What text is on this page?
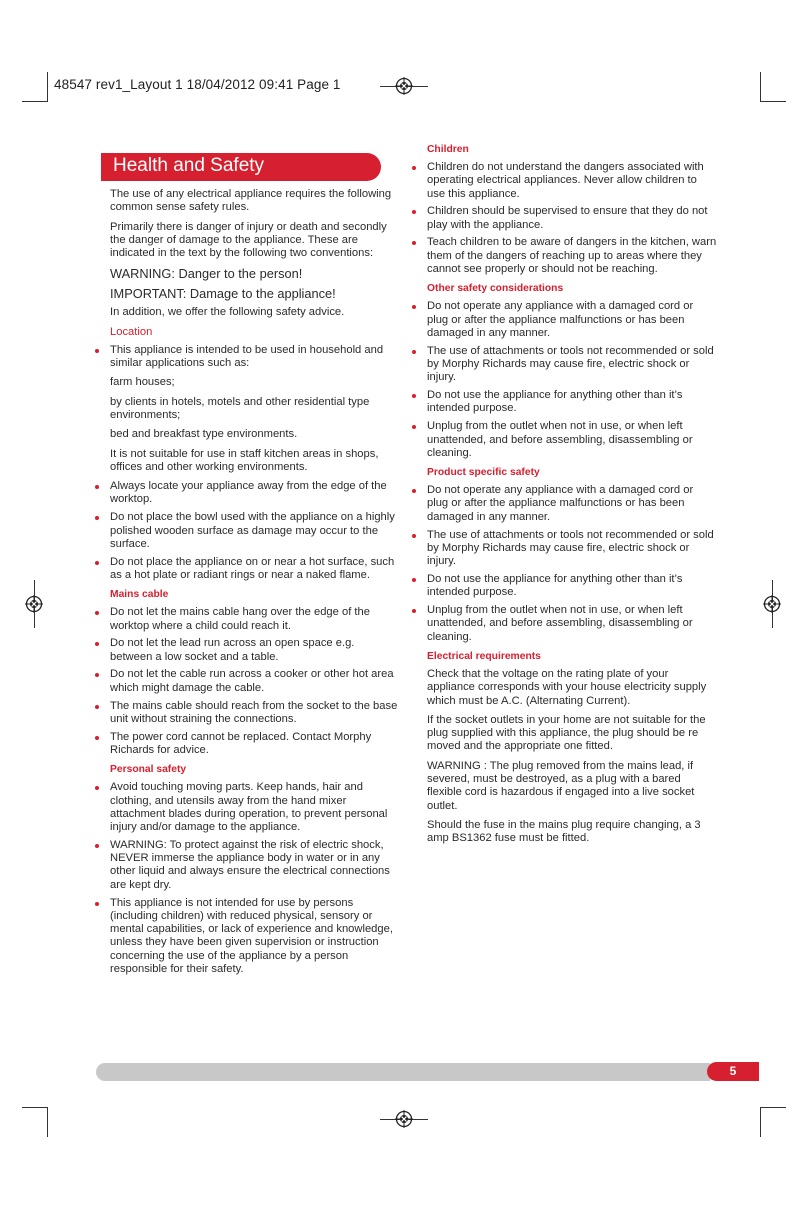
48547 rev1_Layout 1 18/04/2012 09:41 Page 1
Health and Safety

The use of any electrical appliance requires the following common sense safety rules.

Primarily there is danger of injury or death and secondly the danger of damage to the appliance. These are indicated in the text by the following two conventions:

WARNING: Danger to the person!

IMPORTANT: Damage to the appliance!

In addition, we offer the following safety advice.

Location
This appliance is intended to be used in household and similar applications such as:

farm houses;

by clients in hotels, motels and other residential type environments;

bed and breakfast type environments.

It is not suitable for use in staff kitchen areas in shops, offices and other working environments.

Always locate your appliance away from the edge of the worktop.
Do not place the bowl used with the appliance on a highly polished wooden surface as damage may occur to the surface.
Do not place the appliance on or near a hot surface, such as a hot plate or radiant rings or near a naked flame.
Mains cable
Do not let the mains cable hang over the edge of the worktop where a child could reach it.
Do not let the lead run across an open space e.g. between a low socket and a table.
Do not let the cable run across a cooker or other hot area which might damage the cable.
The mains cable should reach from the socket to the base unit without straining the connections.
The power cord cannot be replaced. Contact Morphy Richards for advice.
Personal safety
Avoid touching moving parts. Keep hands, hair and clothing, and utensils away from the hand mixer attachment blades during operation, to prevent personal injury and/or damage to the appliance.
WARNING: To protect against the risk of electric shock, NEVER immerse the appliance body in water or in any other liquid and always ensure the electrical connections are kept dry.
This appliance is not intended for use by persons (including children) with reduced physical, sensory or mental capabilities, or lack of experience and knowledge, unless they have been given supervision or instruction concerning the use of the appliance by a person responsible for their safety.
Children
Children do not understand the dangers associated with operating electrical appliances. Never allow children to use this appliance.
Children should be supervised to ensure that they do not play with the appliance.
Teach children to be aware of dangers in the kitchen, warn them of the dangers of reaching up to areas where they cannot see properly or should not be reaching.
Other safety considerations
Do not operate any appliance with a damaged cord or plug or after the appliance malfunctions or has been damaged in any manner.
The use of attachments or tools not recommended or sold by Morphy Richards may cause fire, electric shock or injury.
Do not use the appliance for anything other than it’s intended purpose.
Unplug from the outlet when not in use, or when left unattended, and before assembling, disassembling or cleaning.
Product specific safety
Do not operate any appliance with a damaged cord or plug or after the appliance malfunctions or has been damaged in any manner.
The use of attachments or tools not recommended or sold by Morphy Richards may cause fire, electric shock or injury.
Do not use the appliance for anything other than it’s intended purpose.
Unplug from the outlet when not in use, or when left unattended, and before assembling, disassembling or cleaning.
Electrical requirements

Check that the voltage on the rating plate of your appliance corresponds with your house electricity supply which must be A.C. (Alternating Current).

If the socket outlets in your home are not suitable for the plug supplied with this appliance, the plug should be re moved and the appropriate one fitted.

WARNING : The plug removed from the mains lead, if severed, must be destroyed, as a plug with a bared flexible cord is hazardous if engaged into a live socket outlet.

Should the fuse in the mains plug require changing, a 3 amp BS1362 fuse must be fitted.

5
